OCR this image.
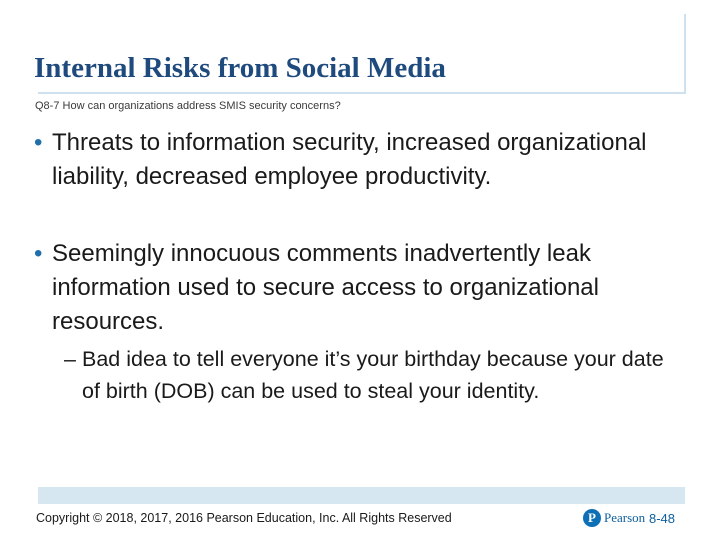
Internal Risks from Social Media
Q8-7 How can organizations address SMIS security concerns?
• Threats to information security, increased organizational liability, decreased employee productivity.
• Seemingly innocuous comments inadvertently leak information used to secure access to organizational resources.
– Bad idea to tell everyone it’s your birthday because your date of birth (DOB) can be used to steal your identity.
Copyright © 2018, 2017, 2016 Pearson Education, Inc. All Rights Reserved	P Pearson 8-48
